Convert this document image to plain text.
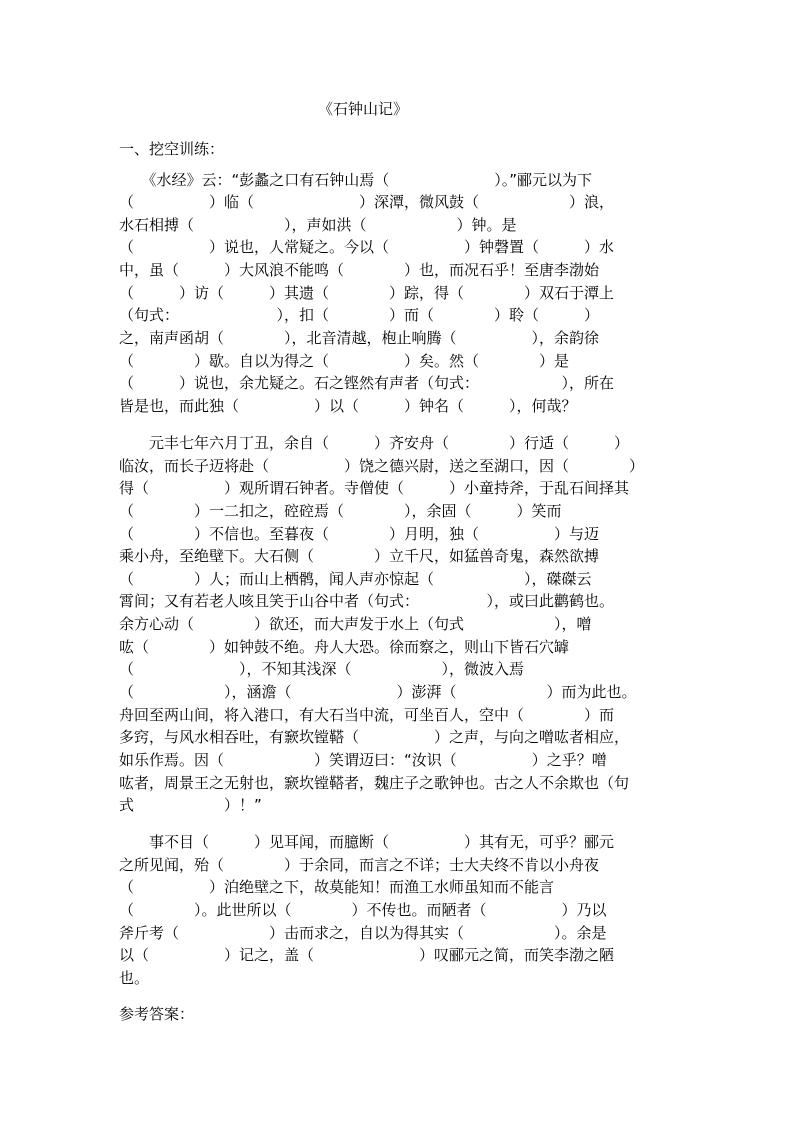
《石钟山记》
一、挖空训练：
　　《水经》云：“彭蠡之口有石钟山焉（　　　　　　　）。”郦元以为下
（　　　　　）临（　　　　　　　）深潭，微风鼓（　　　　　　）浪，
水石相搏（　　　　　　），声如洪（　　　　　　）钟。是
（　　　　　）说也，人常疑之。今以（　　　　　）钟磬置（　　　）水
中，虽（　　　）大风浪不能鸣（　　　　）也，而况石乎！至唐李渤始
（　　　）访（　　　）其遗（　　　　）踪，得（　　　　）双石于潭上
（句式：　　　　　　　），扣（　　　　）而（　　　　）聆（　　　）
之，南声函胡（　　　　），北音清越，枹止响腾（　　　　　），余韵徐
（　　　　）歇。自以为得之（　　　　　）矣。然（　　　　）是
（　　　）说也，余尤疑之。石之铿然有声者（句式：　　　　　　），所在
皆是也，而此独（　　　　　）以（　　　）钟名（　　　），何哉？
　　元丰七年六月丁丑，余自（　　　）齐安舟（　　　　）行适（　　　）
临汝，而长子迈将赴（　　　　　）饶之德兴尉，送之至湖口，因（　　　　）
得（　　　　　）观所谓石钟者。寺僧使（　　　）小童持斧，于乱石间择其
（　　　　）一二扣之，硿硿焉（　　　　），余固（　　　）笑而
（　　　　）不信也。至暮夜（　　　　）月明，独（　　　　　）与迈
乘小舟，至绝壁下。大石侧（　　　　）立千尺，如猛兽奇鬼，森然欲搏
（　　　　）人；而山上栖鹘，闻人声亦惊起（　　　　　　），磔磔云
霄间；又有若老人咳且笑于山谷中者（句式：　　　　　），或曰此鹳鹤也。
余方心动（　　　　）欲还，而大声发于水上（句式　　　　　　），噌
吰（　　　　）如钟鼓不绝。舟人大恐。徐而察之，则山下皆石穴罅
（　　　　　　　），不知其浅深（　　　　　　），微波入焉
（　　　　　　），涵澹（　　　　　　　）澎湃（　　　　　　）而为此也。
舟回至两山间，将入港口，有大石当中流，可坐百人，空中（　　　　）而
多窍，与风水相吞吐，有窾坎镗鞳（　　　　　）之声，与向之噌吰者相应，
如乐作焉。因（　　　　　　）笑谓迈曰：“汝识（　　　　　）之乎？噌
吰者，周景王之无射也，窾坎镗鞳者，魏庄子之歌钟也。古之人不余欺也（句
式　　　　　　）！”
　　事不目（　　　）见耳闻，而臆断（　　　　　）其有无，可乎？郦元
之所见闻，殆（　　　　）于余同，而言之不详；士大夫终不肯以小舟夜
（　　　　　）泊绝壁之下，故莫能知！而渔工水师虽知而不能言
（　　　　）。此世所以（　　　　）不传也。而陋者（　　　　　）乃以
斧斤考（　　　　　　）击而求之，自以为得其实（　　　　　　）。余是
以（　　　　　）记之，盖（　　　　　　　）叹郦元之简，而笑李渤之陋
也。
参考答案：
